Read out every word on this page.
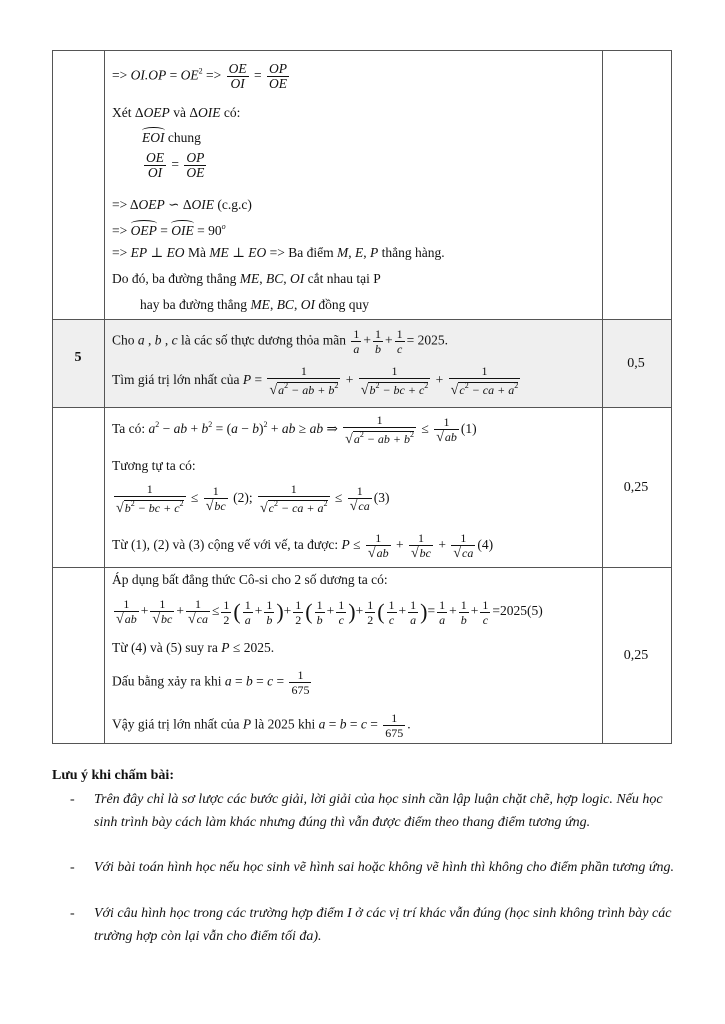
5	0,5
0,25
0,25
=> $OI.OP = OE^2 => \frac{OE}{OI} = \frac{OP}{OE}$
Xét ΔOEP và ΔOIE có:
EOI chung
$\frac{OE}{OI} = \frac{OP}{OE}$
=> ΔOEP ∽ ΔOIE (c.g.c)
=> OEP = OIE = $90^o$
=> EP ⊥ EO Mà ME ⊥ EO => Ba điểm M, E, P thẳng hàng.
Do đó, ba đường thẳng ME, BC, OI cắt nhau tại P
hay ba đường thẳng ME, BC, OI đồng quy
Cho a , b , c là các số thực dương thỏa mãn $\frac{1}{a} + \frac{1}{b} + \frac{1}{c} = 2025$.
Tìm giá trị lớn nhất của $P = \frac{1}{√a^2 - ab + b^2} + \frac{1}{√b^2 - bc + c^2} + \frac{1}{√c^2 - ca + a^2}$
Ta có: $a^2$ − ab + $b^2 = (a - b)^2$ + ab ≥ ab ⇒ $\frac{1}{√a^2 - ab + b^2} \le \frac{1}{√ab} (1)$
Tương tự ta có:
$\frac{1}{√b^2 - bc + c^2} \le \frac{1}{√bc} (2)$; $\frac{1}{√c^2 - ca + a^2} \le \frac{1}{√ca} (3)$
Từ (1), (2) và (3) cộng vế với vế, ta được: $P \le \frac{1}{√ab} + \frac{1}{√bc} + \frac{1}{√ca} (4)$
Áp dụng bất đẳng thức Cô-si cho 2 số dương ta có:
$\frac{1}{√ab} + \frac{1}{√bc} + \frac{1}{√ca} \le \frac{1}{2}$ ( $\frac{1}{a} + \frac{1}{b}$ )+ $\frac{1}{2}$ ( $\frac{1}{b} + \frac{1}{c}$ )+ $\frac{1}{2}$ ( $\frac{1}{c} + \frac{1}{a}$ )= $\frac{1}{a} + \frac{1}{b} + \frac{1}{c} =2025(5)$
Từ (4) và (5) suy ra P ≤ 2025.
Dấu bằng xảy ra khi $a = b = c = \frac{1}{675}$
Vậy giá trị lớn nhất của P là 2025 khi $a = b = c = \frac{1}{675}$ .
Lưu ý khi chấm bài:
- Trên đây chỉ là sơ lược các bước giải, lời giải của học sinh cần lập luận chặt chẽ, hợp logic. Nếu học sinh trình bày cách làm khác nhưng đúng thì vẫn được điểm theo thang điểm tương ứng.
- Với bài toán hình học nếu học sinh vẽ hình sai hoặc không vẽ hình thì không cho điểm phần tương ứng.
- Với câu hình học trong các trường hợp điểm I ở các vị trí khác vẫn đúng (học sinh không trình bày các trường hợp còn lại vẫn cho điểm tối đa).
